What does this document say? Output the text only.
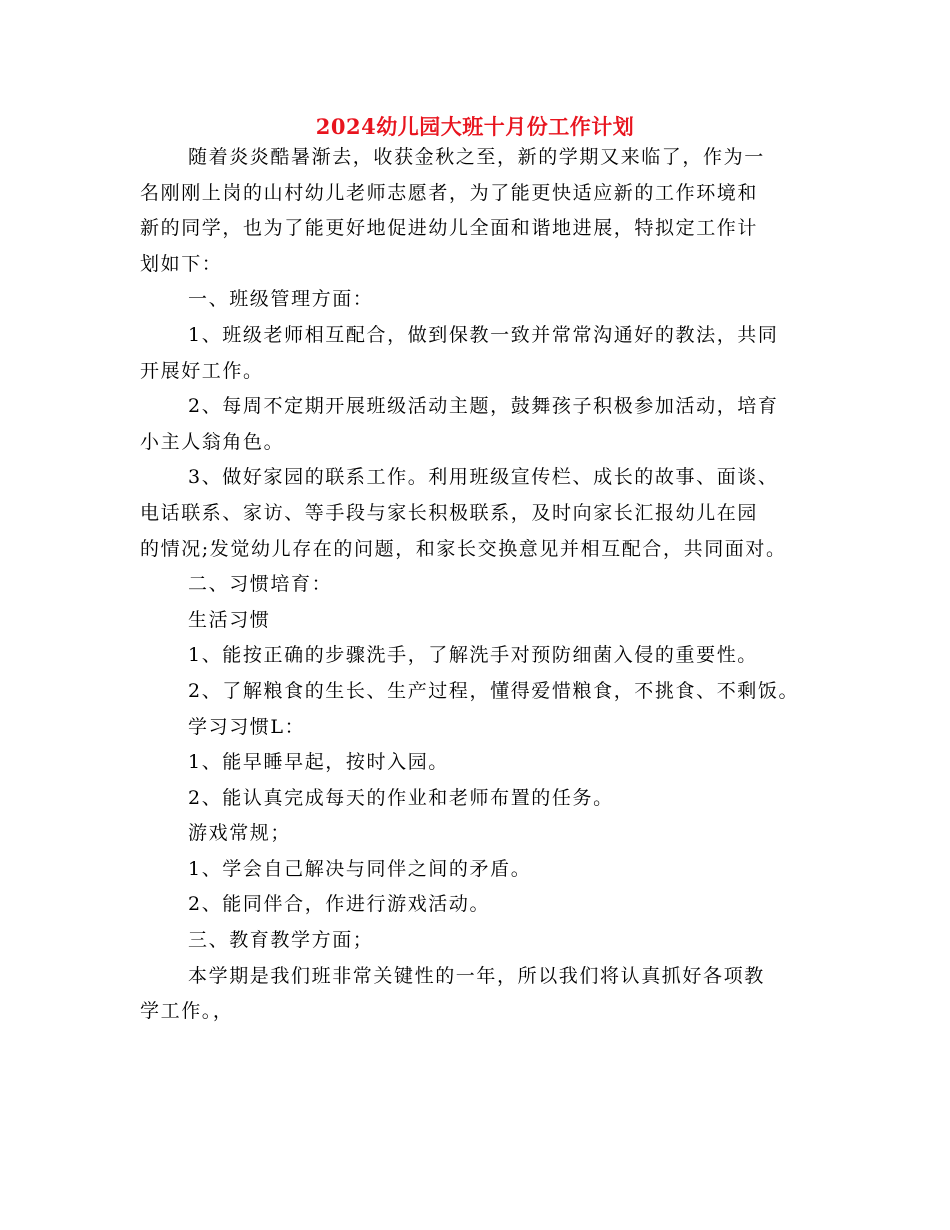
2024幼儿园大班十月份工作计划

随着炎炎酷暑渐去，收获金秋之至，新的学期又来临了，作为一

名刚刚上岗的山村幼儿老师志愿者，为了能更快适应新的工作环境和

新的同学，也为了能更好地促进幼儿全面和谐地进展，特拟定工作计

划如下：

一、班级管理方面：

1、班级老师相互配合，做到保教一致并常常沟通好的教法，共同

开展好工作。

2、每周不定期开展班级活动主题，鼓舞孩子积极参加活动，培育

小主人翁角色。

3、做好家园的联系工作。利用班级宣传栏、成长的故事、面谈、

电话联系、家访、等手段与家长积极联系，及时向家长汇报幼儿在园

的情况;发觉幼儿存在的问题，和家长交换意见并相互配合，共同面对。

二、习惯培育：

生活习惯

1、能按正确的步骤洗手，了解洗手对预防细菌入侵的重要性。

2、了解粮食的生长、生产过程，懂得爱惜粮食，不挑食、不剩饭。

学习习惯L：

1、能早睡早起，按时入园。

2、能认真完成每天的作业和老师布置的任务。

游戏常规；

1、学会自己解决与同伴之间的矛盾。

2、能同伴合，作进行游戏活动。

三、教育教学方面；

本学期是我们班非常关键性的一年，所以我们将认真抓好各项教

学工作。，
